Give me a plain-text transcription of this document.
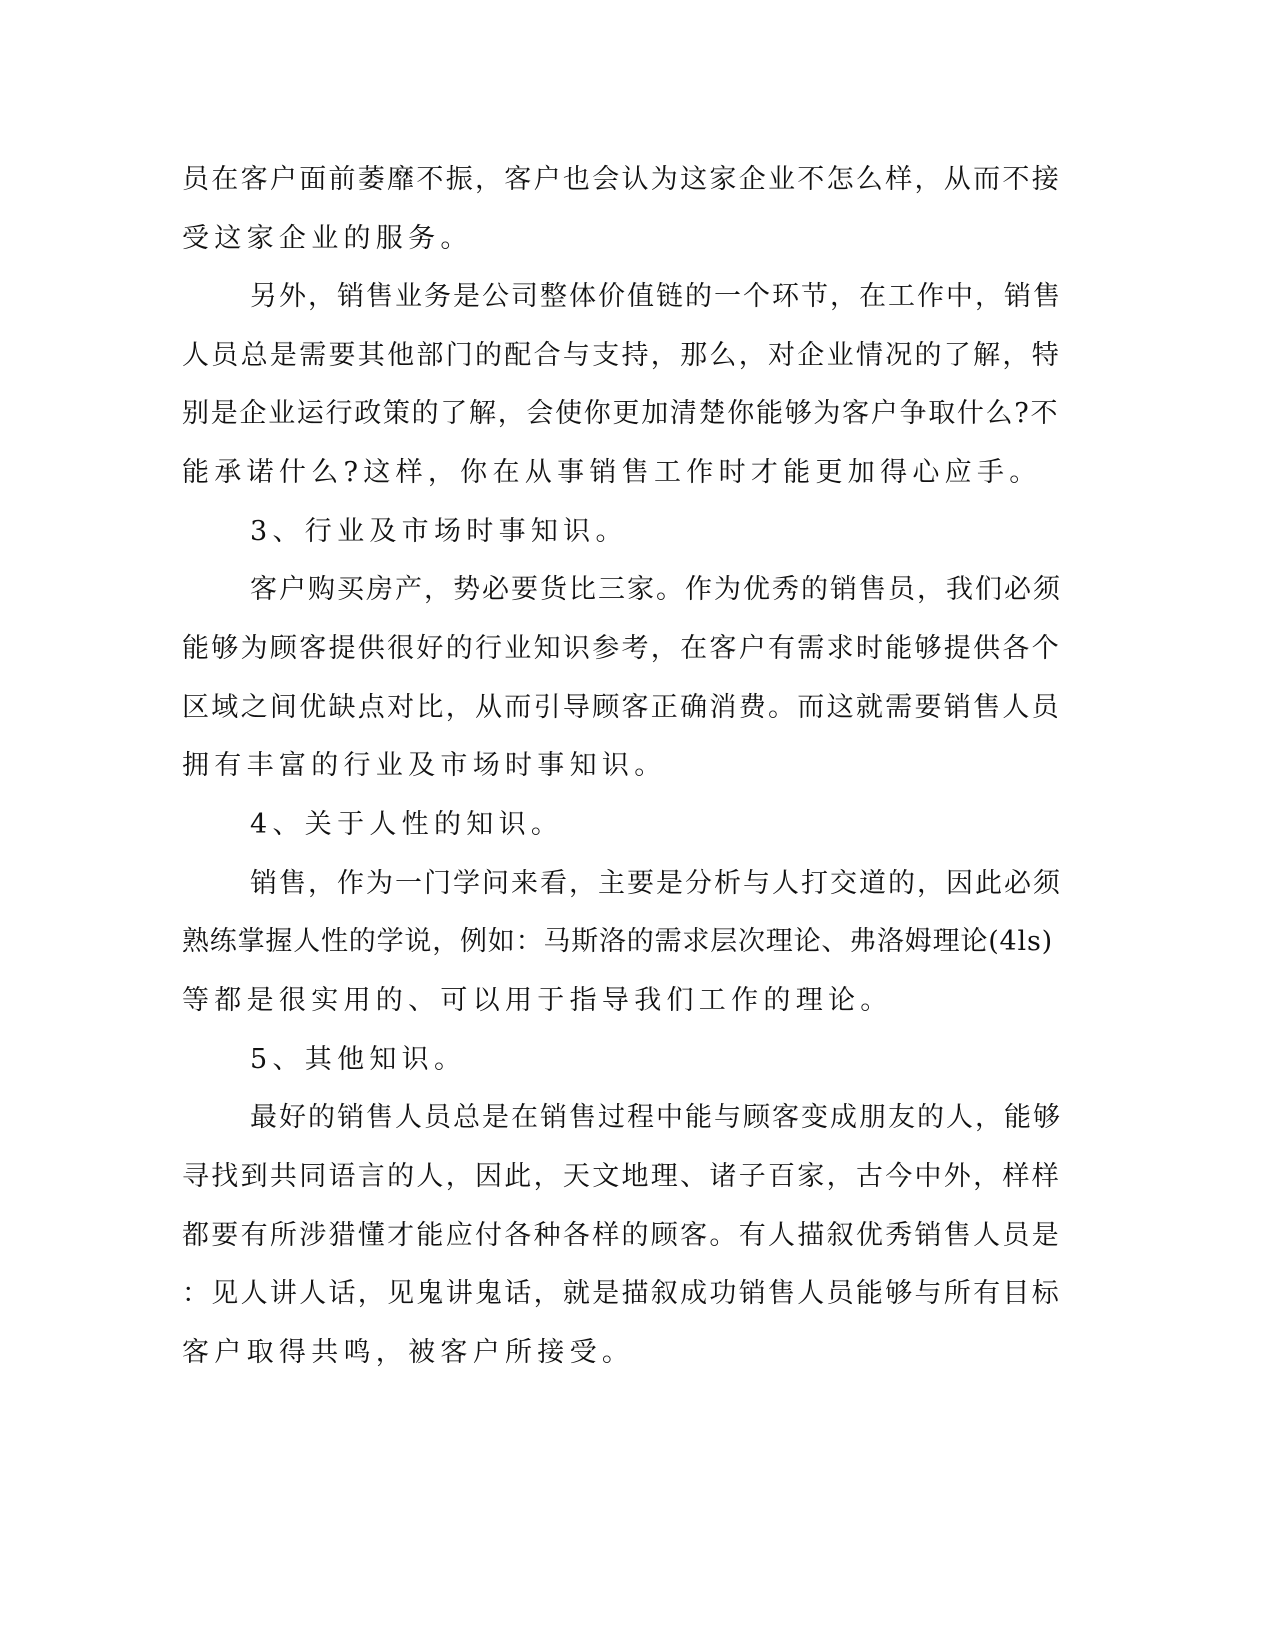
员在客户面前萎靡不振，客户也会认为这家企业不怎么样，从而不接
受这家企业的服务。
另外，销售业务是公司整体价值链的一个环节，在工作中，销售
人员总是需要其他部门的配合与支持，那么，对企业情况的了解，特
别是企业运行政策的了解，会使你更加清楚你能够为客户争取什么?不
能承诺什么?这样，你在从事销售工作时才能更加得心应手。
3、行业及市场时事知识。
客户购买房产，势必要货比三家。作为优秀的销售员，我们必须
能够为顾客提供很好的行业知识参考，在客户有需求时能够提供各个
区域之间优缺点对比，从而引导顾客正确消费。而这就需要销售人员
拥有丰富的行业及市场时事知识。
4、关于人性的知识。
销售，作为一门学问来看，主要是分析与人打交道的，因此必须
熟练掌握人性的学说，例如：马斯洛的需求层次理论、弗洛姆理论(4ls)
等都是很实用的、可以用于指导我们工作的理论。
5、其他知识。
最好的销售人员总是在销售过程中能与顾客变成朋友的人，能够
寻找到共同语言的人，因此，天文地理、诸子百家，古今中外，样样
都要有所涉猎懂才能应付各种各样的顾客。有人描叙优秀销售人员是
：见人讲人话，见鬼讲鬼话，就是描叙成功销售人员能够与所有目标
客户取得共鸣，被客户所接受。
